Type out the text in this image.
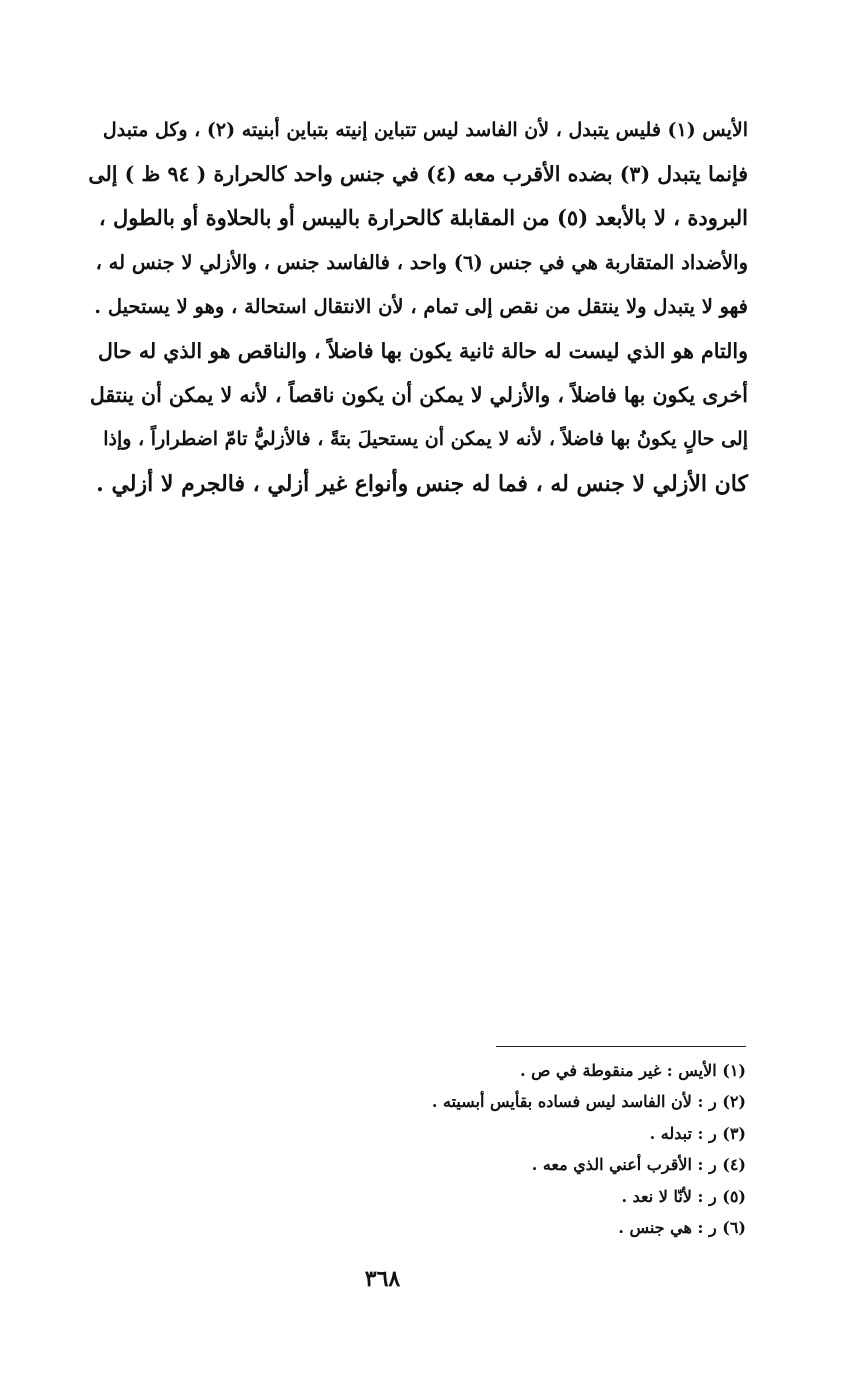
الأيس (١) فليس يتبدل ، لأن الفاسد ليس تتباين إنيته بتباين أبنيته (٢) ، وكل متبدل
فإنما يتبدل (٣) بضده الأقرب معه (٤) في جنس واحد كالحرارة ( ٩٤ ظ ) إلى
البرودة ، لا بالأبعد (٥) من المقابلة كالحرارة باليبس أو بالحلاوة أو بالطول ،
والأضداد المتقاربة هي في جنس (٦) واحد ، فالفاسد جنس ، والأزلي لا جنس له ،
فهو لا يتبدل ولا ينتقل من نقص إلى تمام ، لأن الانتقال استحالة ، وهو لا يستحيل .
والتام هو الذي ليست له حالة ثانية يكون بها فاضلاً ، والناقص هو الذي له حال
أخرى يكون بها فاضلاً ، والأزلي لا يمكن أن يكون ناقصاً ، لأنه لا يمكن أن ينتقل
إلى حالٍ يكونُ بها فاضلاً ، لأنه لا يمكن أن يستحيلَ بتةً ، فالأزليُّ تامّ اضطراراً ، وإذا
كان الأزلي لا جنس له ، فما له جنس وأنواع غير أزلي ، فالجرم لا أزلي .
(١) الأيس : غير منقوطة في ص .
(٢) ر : لأن الفاسد ليس فساده بقأيس أبسيته .
(٣) ر : تبدله .
(٤) ر : الأقرب أعني الذي معه .
(٥) ر : لأنّا لا نعد .
(٦) ر : هي جنس .
٣٦٨
